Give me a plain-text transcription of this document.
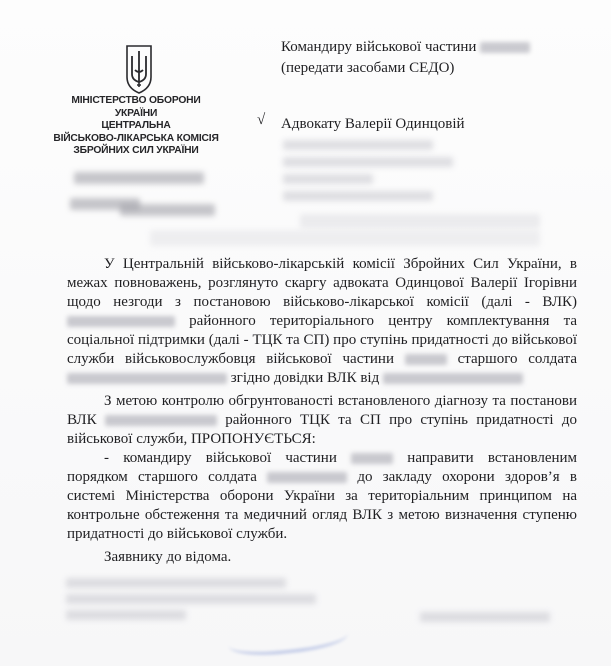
МІНІСТЕРСТВО ОБОРОНИ
УКРАЇНИ
ЦЕНТРАЛЬНА
ВІЙСЬКОВО-ЛІКАРСЬКА КОМІСІЯ
ЗБРОЙНИХ СИЛ УКРАЇНИ
Командиру військової частини
(передати засобами СЕДО)
√ Адвокату Валерії Одинцовій

У Центральній військово-лікарській комісії Збройних Сил України, в межах повноважень, розглянуто скаргу адвоката Одинцової Валерії Ігорівни щодо незгоди з постановою військово-лікарської комісії (далі - ВЛК)  районного територіального центру комплектування та соціальної підтримки (далі - ТЦК та СП) про ступінь придатності до військової служби військовослужбовця військової частини	старшого солдата  згідно довідки ВЛК від

З метою контролю обгрунтованості встановленого діагнозу та постанови ВЛК	районного ТЦК та СП про ступінь придатності до військової служби, ПРОПОНУЄТЬСЯ:

- командиру військової частини	направити встановленим порядком старшого солдата	до закладу охорони здоров’я в системі Міністерства оборони України за територіальним принципом на контрольне обстеження та медичний огляд ВЛК з метою визначення ступеню придатності до військової служби.

Заявнику до відома.
